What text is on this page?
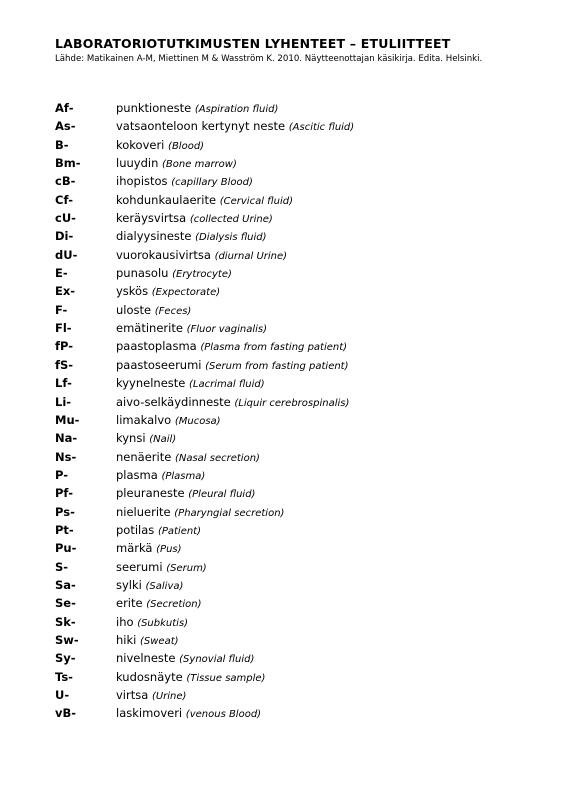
LABORATORIOTUTKIMUSTEN LYHENTEET – ETULIITTEET
Lähde: Matikainen A-M, Miettinen M & Wasström K. 2010. Näytteenottajan käsikirja. Edita. Helsinki.
Af-	punktioneste (Aspiration fluid)
As-	vatsaonteloon kertynyt neste (Ascitic fluid)
B-	kokoveri (Blood)
Bm-	luuydin (Bone marrow)
cB-	ihopistos (capillary Blood)
Cf-	kohdunkaulaerite (Cervical fluid)
cU-	keräysvirtsa (collected Urine)
Di-	dialyysineste (Dialysis fluid)
dU-	vuorokausivirtsa (diurnal Urine)
E-	punasolu (Erytrocyte)
Ex-	yskös (Expectorate)
F-	uloste (Feces)
Fl-	emätinerite (Fluor vaginalis)
fP-	paastoplasma (Plasma from fasting patient)
fS-	paastoseerumi (Serum from fasting patient)
Lf-	kyynelneste (Lacrimal fluid)
Li-	aivo-selkäydinneste (Liquir cerebrospinalis)
Mu-	limakalvo (Mucosa)
Na-	kynsi (Nail)
Ns-	nenäerite (Nasal secretion)
P-	plasma (Plasma)
Pf-	pleuraneste (Pleural fluid)
Ps-	nieluerite (Pharyngial secretion)
Pt-	potilas (Patient)
Pu-	märkä (Pus)
S-	seerumi (Serum)
Sa-	sylki (Saliva)
Se-	erite (Secretion)
Sk-	iho (Subkutis)
Sw-	hiki (Sweat)
Sy-	nivelneste (Synovial fluid)
Ts-	kudosnäyte (Tissue sample)
U-	virtsa (Urine)
vB-	laskimoveri (venous Blood)
